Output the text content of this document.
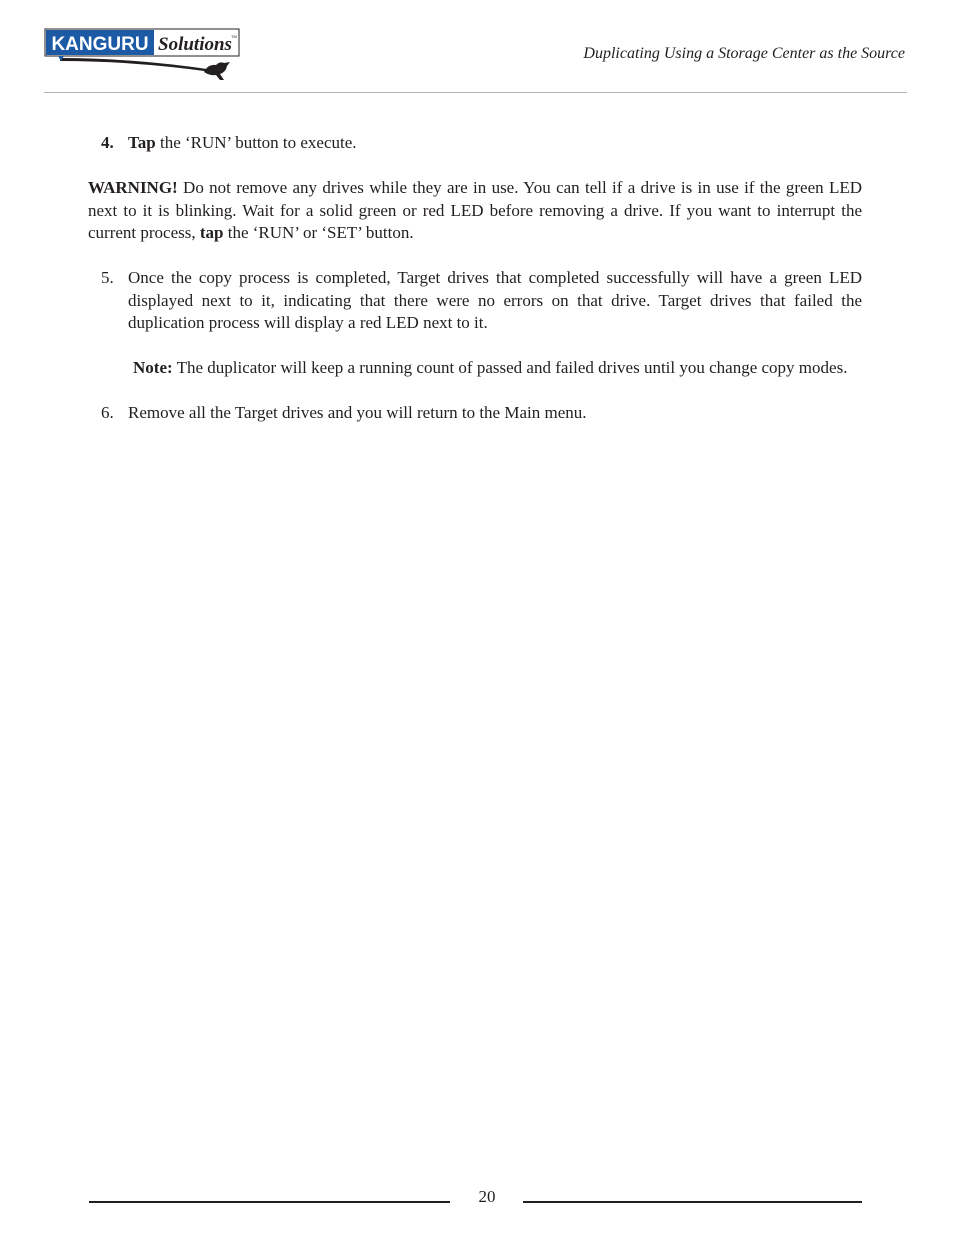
KANGURU Solutions TM
Duplicating Using a Storage Center as the Source

4. Tap the ‘RUN’ button to execute.

WARNING! Do not remove any drives while they are in use. You can tell if a drive is in use if the green LED next to it is blinking. Wait for a solid green or red LED before removing a drive. If you want to interrupt the current process, tap the ‘RUN’ or ‘SET’ button.

5. Once the copy process is completed, Target drives that completed successfully will have a green LED displayed next to it, indicating that there were no errors on that drive. Target drives that failed the duplication process will display a red LED next to it.

Note: The duplicator will keep a running count of passed and failed drives until you change copy modes.

6. Remove all the Target drives and you will return to the Main menu.

20
